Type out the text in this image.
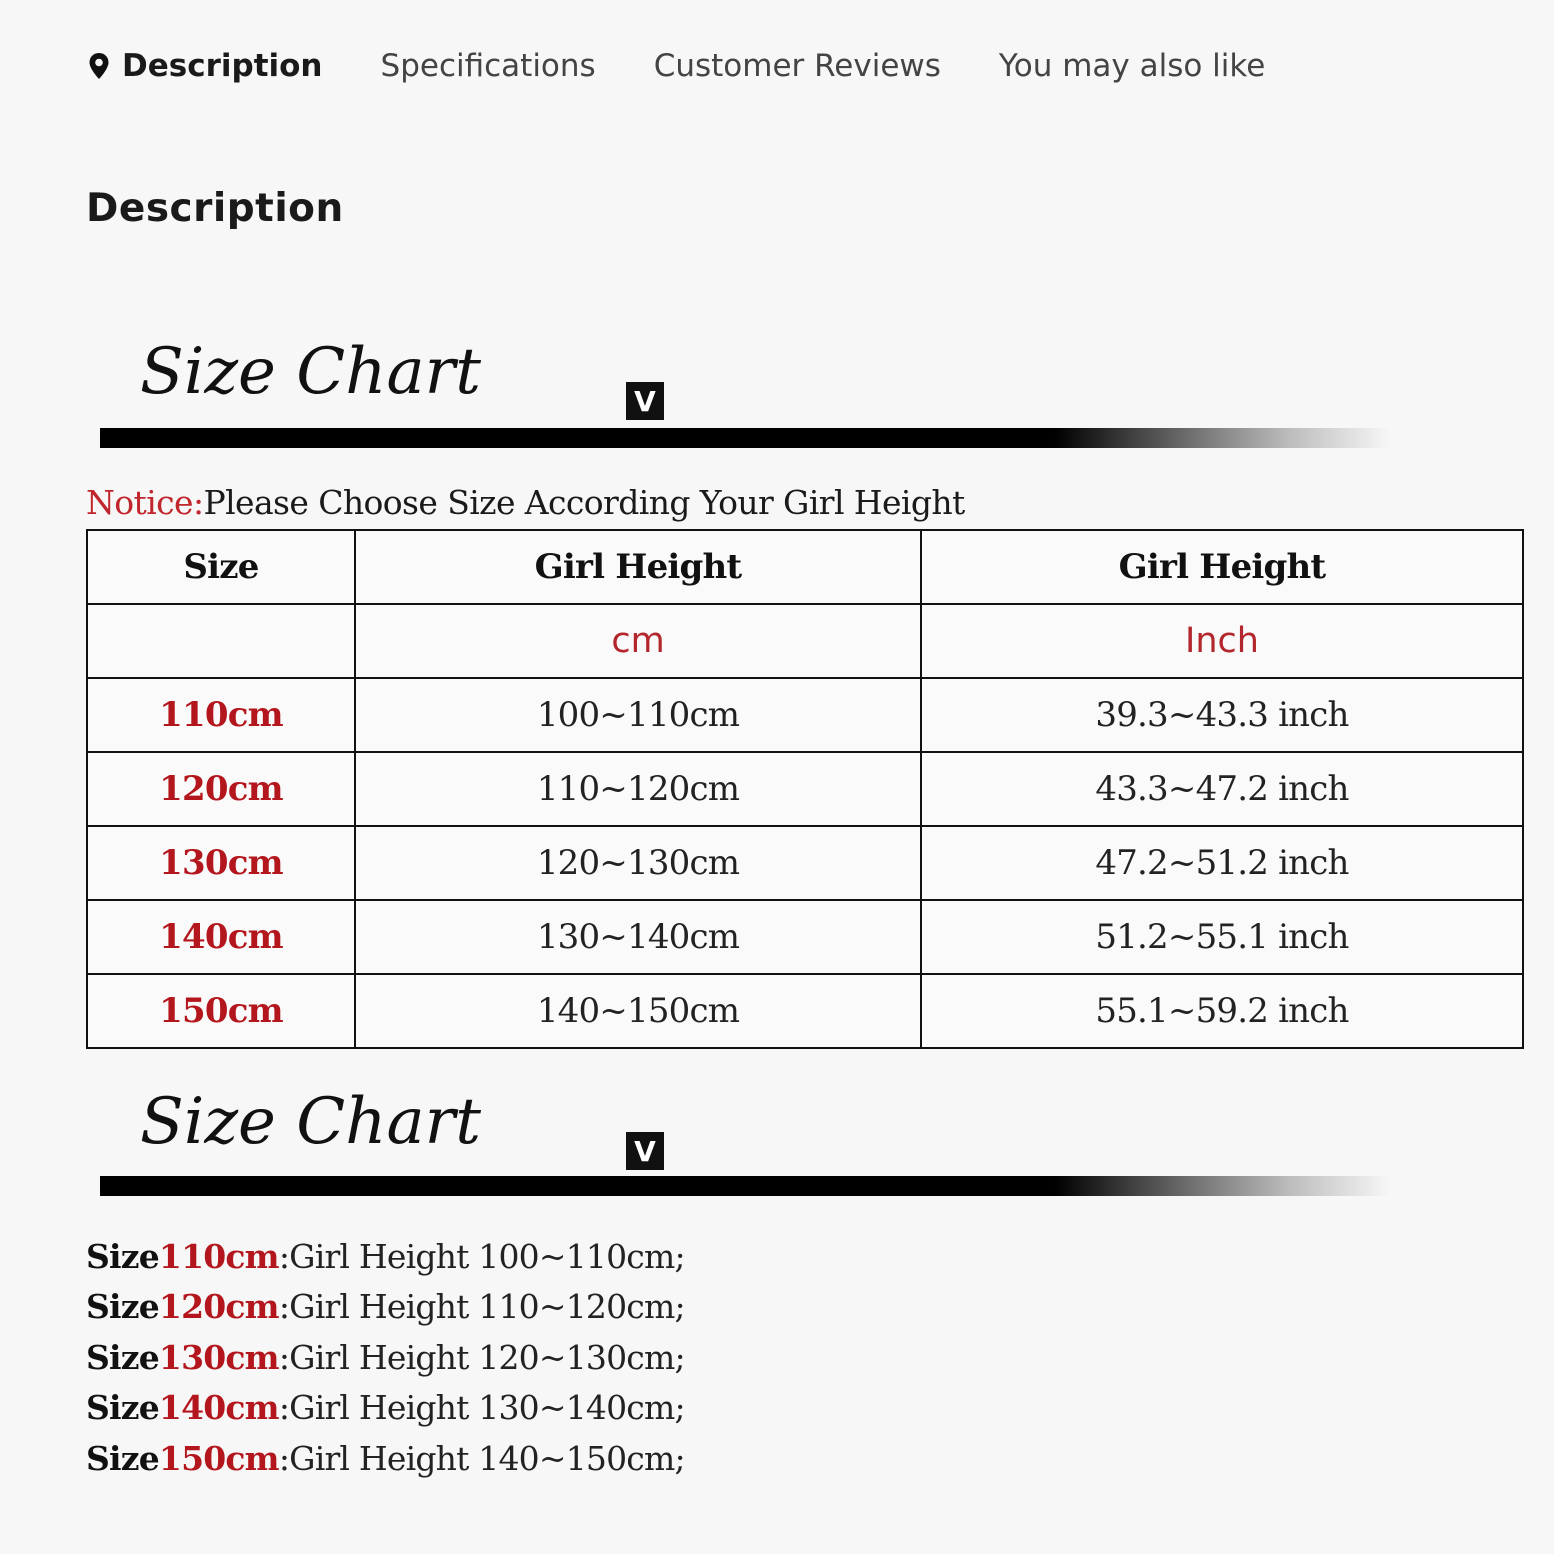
Description Specifications Customer Reviews You may also like
Description
Size Chart	V
Notice:Please Choose Size According Your Girl Height
Size	Girl Height	Girl Height
	cm	Inch
110cm	100~110cm	39.3~43.3 inch
120cm	110~120cm	43.3~47.2 inch
130cm	120~130cm	47.2~51.2 inch
140cm	130~140cm	51.2~55.1 inch
150cm	140~150cm	55.1~59.2 inch
Size Chart	V
Size110cm:Girl Height 100~110cm;
Size120cm:Girl Height 110~120cm;
Size130cm:Girl Height 120~130cm;
Size140cm:Girl Height 130~140cm;
Size150cm:Girl Height 140~150cm;
